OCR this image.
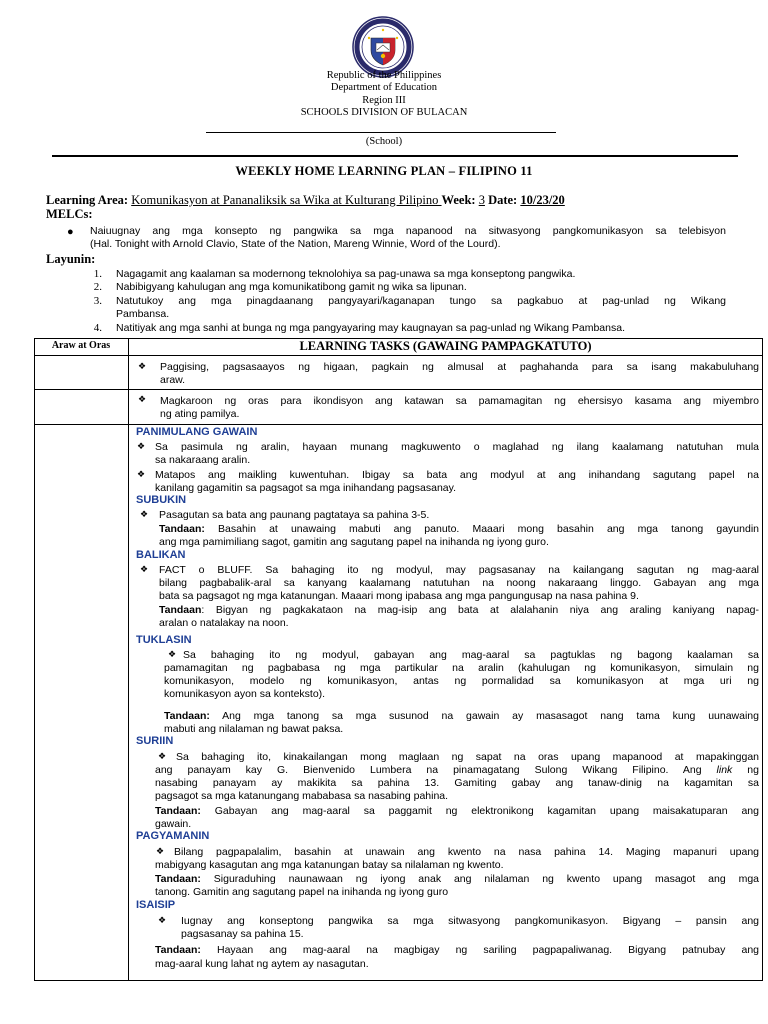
Republic of the Philippines
Department of Education
Region III
SCHOOLS DIVISION OF BULACAN
(School)
WEEKLY HOME LEARNING PLAN – FILIPINO 11
Learning Area: Komunikasyon at Pananaliksik sa Wika at Kulturang Pilipino Week: 3 Date: 10/23/20
MELCs:
● Naiuugnay ang mga konsepto ng pangwika sa mga napanood na sitwasyong pangkomunikasyon sa telebisyon
(Hal. Tonight with Arnold Clavio, State of the Nation, Mareng Winnie, Word of the Lourd).
Layunin:
1. Nagagamit ang kaalaman sa modernong teknolohiya sa pag-unawa sa mga konseptong pangwika.
2. Nabibigyang kahulugan ang mga komunikatibong gamit ng wika sa lipunan.
3. Natutukoy ang mga pinagdaanang pangyayari/kaganapan tungo sa pagkabuo at pag-unlad ng Wikang
Pambansa.
4. Natitiyak ang mga sanhi at bunga ng mga pangyayaring may kaugnayan sa pag-unlad ng Wikang Pambansa.
Araw at Oras	LEARNING TASKS (GAWAING PAMPAGKATUTO)
❖ Paggising, pagsasaayos ng higaan, pagkain ng almusal at paghahanda para sa isang makabuluhang
araw.
❖ Magkaroon ng oras para ikondisyon ang katawan sa pamamagitan ng ehersisyo kasama ang miyembro
ng ating pamilya.
PANIMULANG GAWAIN
❖ Sa pasimula ng aralin, hayaan munang magkuwento o maglahad ng ilang kaalamang natutuhan mula
sa nakaraang aralin.
❖ Matapos ang maikling kuwentuhan. Ibigay sa bata ang modyul at ang inihandang sagutang papel na
kanilang gagamitin sa pagsagot sa mga inihandang pagsasanay.
SUBUKIN
❖ Pasagutan sa bata ang paunang pagtataya sa pahina 3-5.
Tandaan: Basahin at unawaing mabuti ang panuto. Maaari mong basahin ang mga tanong gayundin
ang mga pamimiliang sagot, gamitin ang sagutang papel na inihanda ng iyong guro.
BALIKAN
❖ FACT o BLUFF. Sa bahaging ito ng modyul, may pagsasanay na kailangang sagutan ng mag-aaral
bilang pagbabalik-aral sa kanyang kaalamang natutuhan na noong nakaraang linggo. Gabayan ang mga
bata sa pagsagot ng mga katanungan. Maaari mong ipabasa ang mga pangungusap na nasa pahina 9.
Tandaan: Bigyan ng pagkakataon na mag-isip ang bata at alalahanin niya ang araling kaniyang napag-
aralan o natalakay na noon.
TUKLASIN
❖ Sa bahaging ito ng modyul, gabayan ang mag-aaral sa pagtuklas ng bagong kaalaman sa
pamamagitan ng pagbabasa ng mga partikular na aralin (kahulugan ng komunikasyon, simulain ng
komunikasyon, modelo ng komunikasyon, antas ng pormalidad sa komunikasyon at mga uri ng
komunikasyon ayon sa konteksto).
Tandaan: Ang mga tanong sa mga susunod na gawain ay masasagot nang tama kung uunawaing
mabuti ang nilalaman ng bawat paksa.
SURIIN
❖ Sa bahaging ito, kinakailangan mong maglaan ng sapat na oras upang mapanood at mapakinggan
ang panayam kay G. Bienvenido Lumbera na pinamagatang Sulong Wikang Filipino. Ang link ng
nasabing panayam ay makikita sa pahina 13. Gamiting gabay ang tanaw-dinig na kagamitan sa
pagsagot sa mga katanungang mababasa sa nasabing pahina.
Tandaan: Gabayan ang mag-aaral sa paggamit ng elektronikong kagamitan upang maisakatuparan ang
gawain.
PAGYAMANIN
❖ Bilang pagpapalalim, basahin at unawain ang kwento na nasa pahina 14. Maging mapanuri upang
mabigyang kasagutan ang mga katanungan batay sa nilalaman ng kwento.
Tandaan: Siguraduhing naunawaan ng iyong anak ang nilalaman ng kwento upang masagot ang mga
tanong. Gamitin ang sagutang papel na inihanda ng iyong guro
ISAISIP
❖ Iugnay ang konseptong pangwika sa mga sitwasyong pangkomunikasyon. Bigyang – pansin ang
pagsasanay sa pahina 15.
Tandaan: Hayaan ang mag-aaral na magbigay ng sariling pagpapaliwanag. Bigyang patnubay ang
mag-aaral kung lahat ng aytem ay nasagutan.
